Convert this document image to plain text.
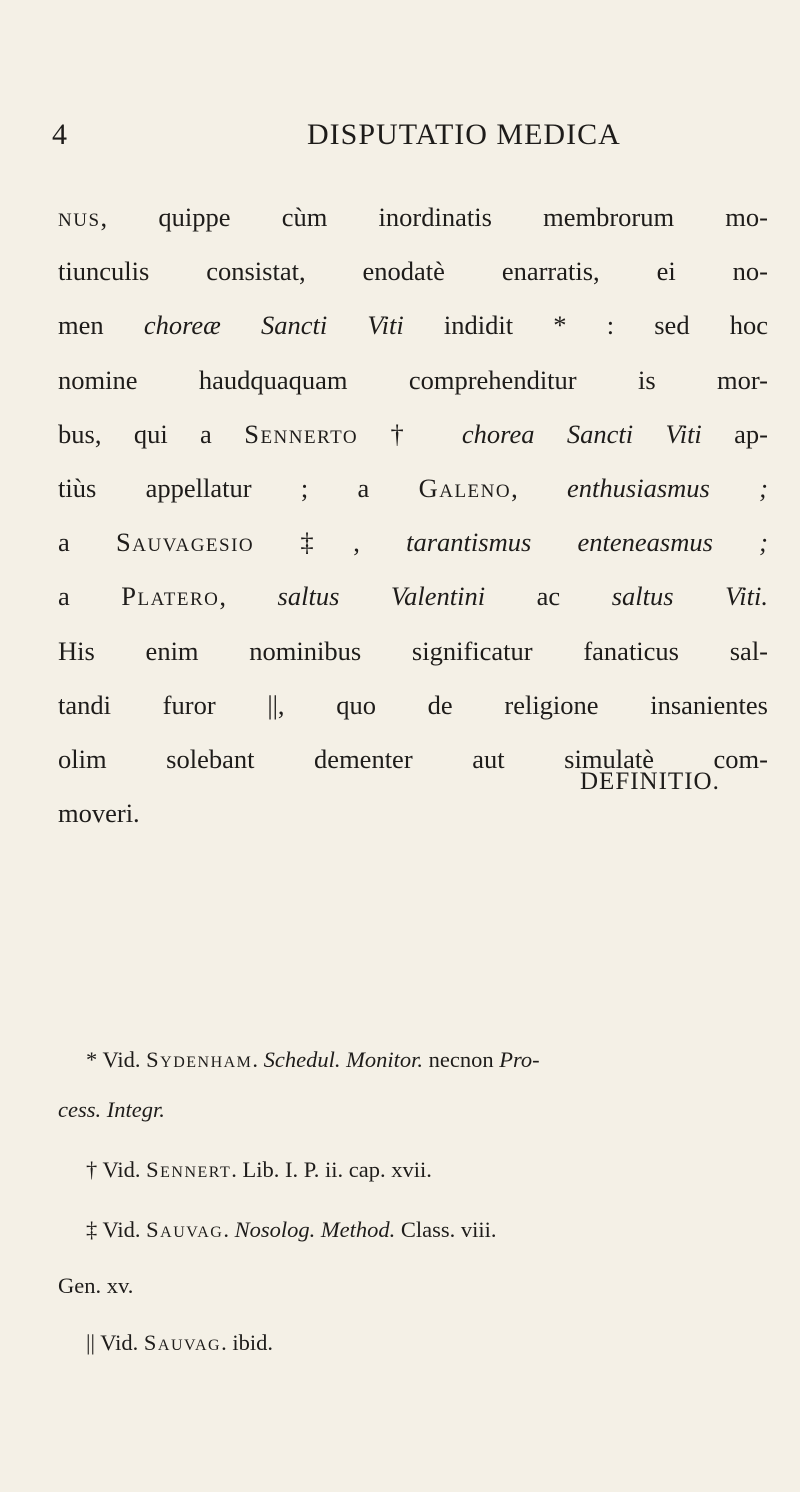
4	DISPUTATIO MEDICA
nus, quippe cùm inordinatis membrorum mo-
tiunculis consistat, enodatè enarratis, ei no-
men choreæ Sancti Viti indidit * : sed hoc
nomine haudquaquam comprehenditur is mor-
bus, qui a Sennerto † chorea Sancti Viti ap-
tiùs appellatur ; a Galeno, enthusiasmus ;
a Sauvagesio ‡, tarantismus enteneasmus ;
a Platero, saltus Valentini ac saltus Viti.
His enim nominibus significatur fanaticus sal-
tandi furor ||, quo de religione insanientes
olim solebant dementer aut simulatè com-
moveri.
DEFINITIO.
* Vid. Sydenham. Schedul. Monitor. necnon Pro-
cess. Integr.
† Vid. Sennert. Lib. I. P. ii. cap. xvii.
‡ Vid. Sauvag. Nosolog. Method. Class. viii.
Gen. xv.
|| Vid. Sauvag. ibid.
